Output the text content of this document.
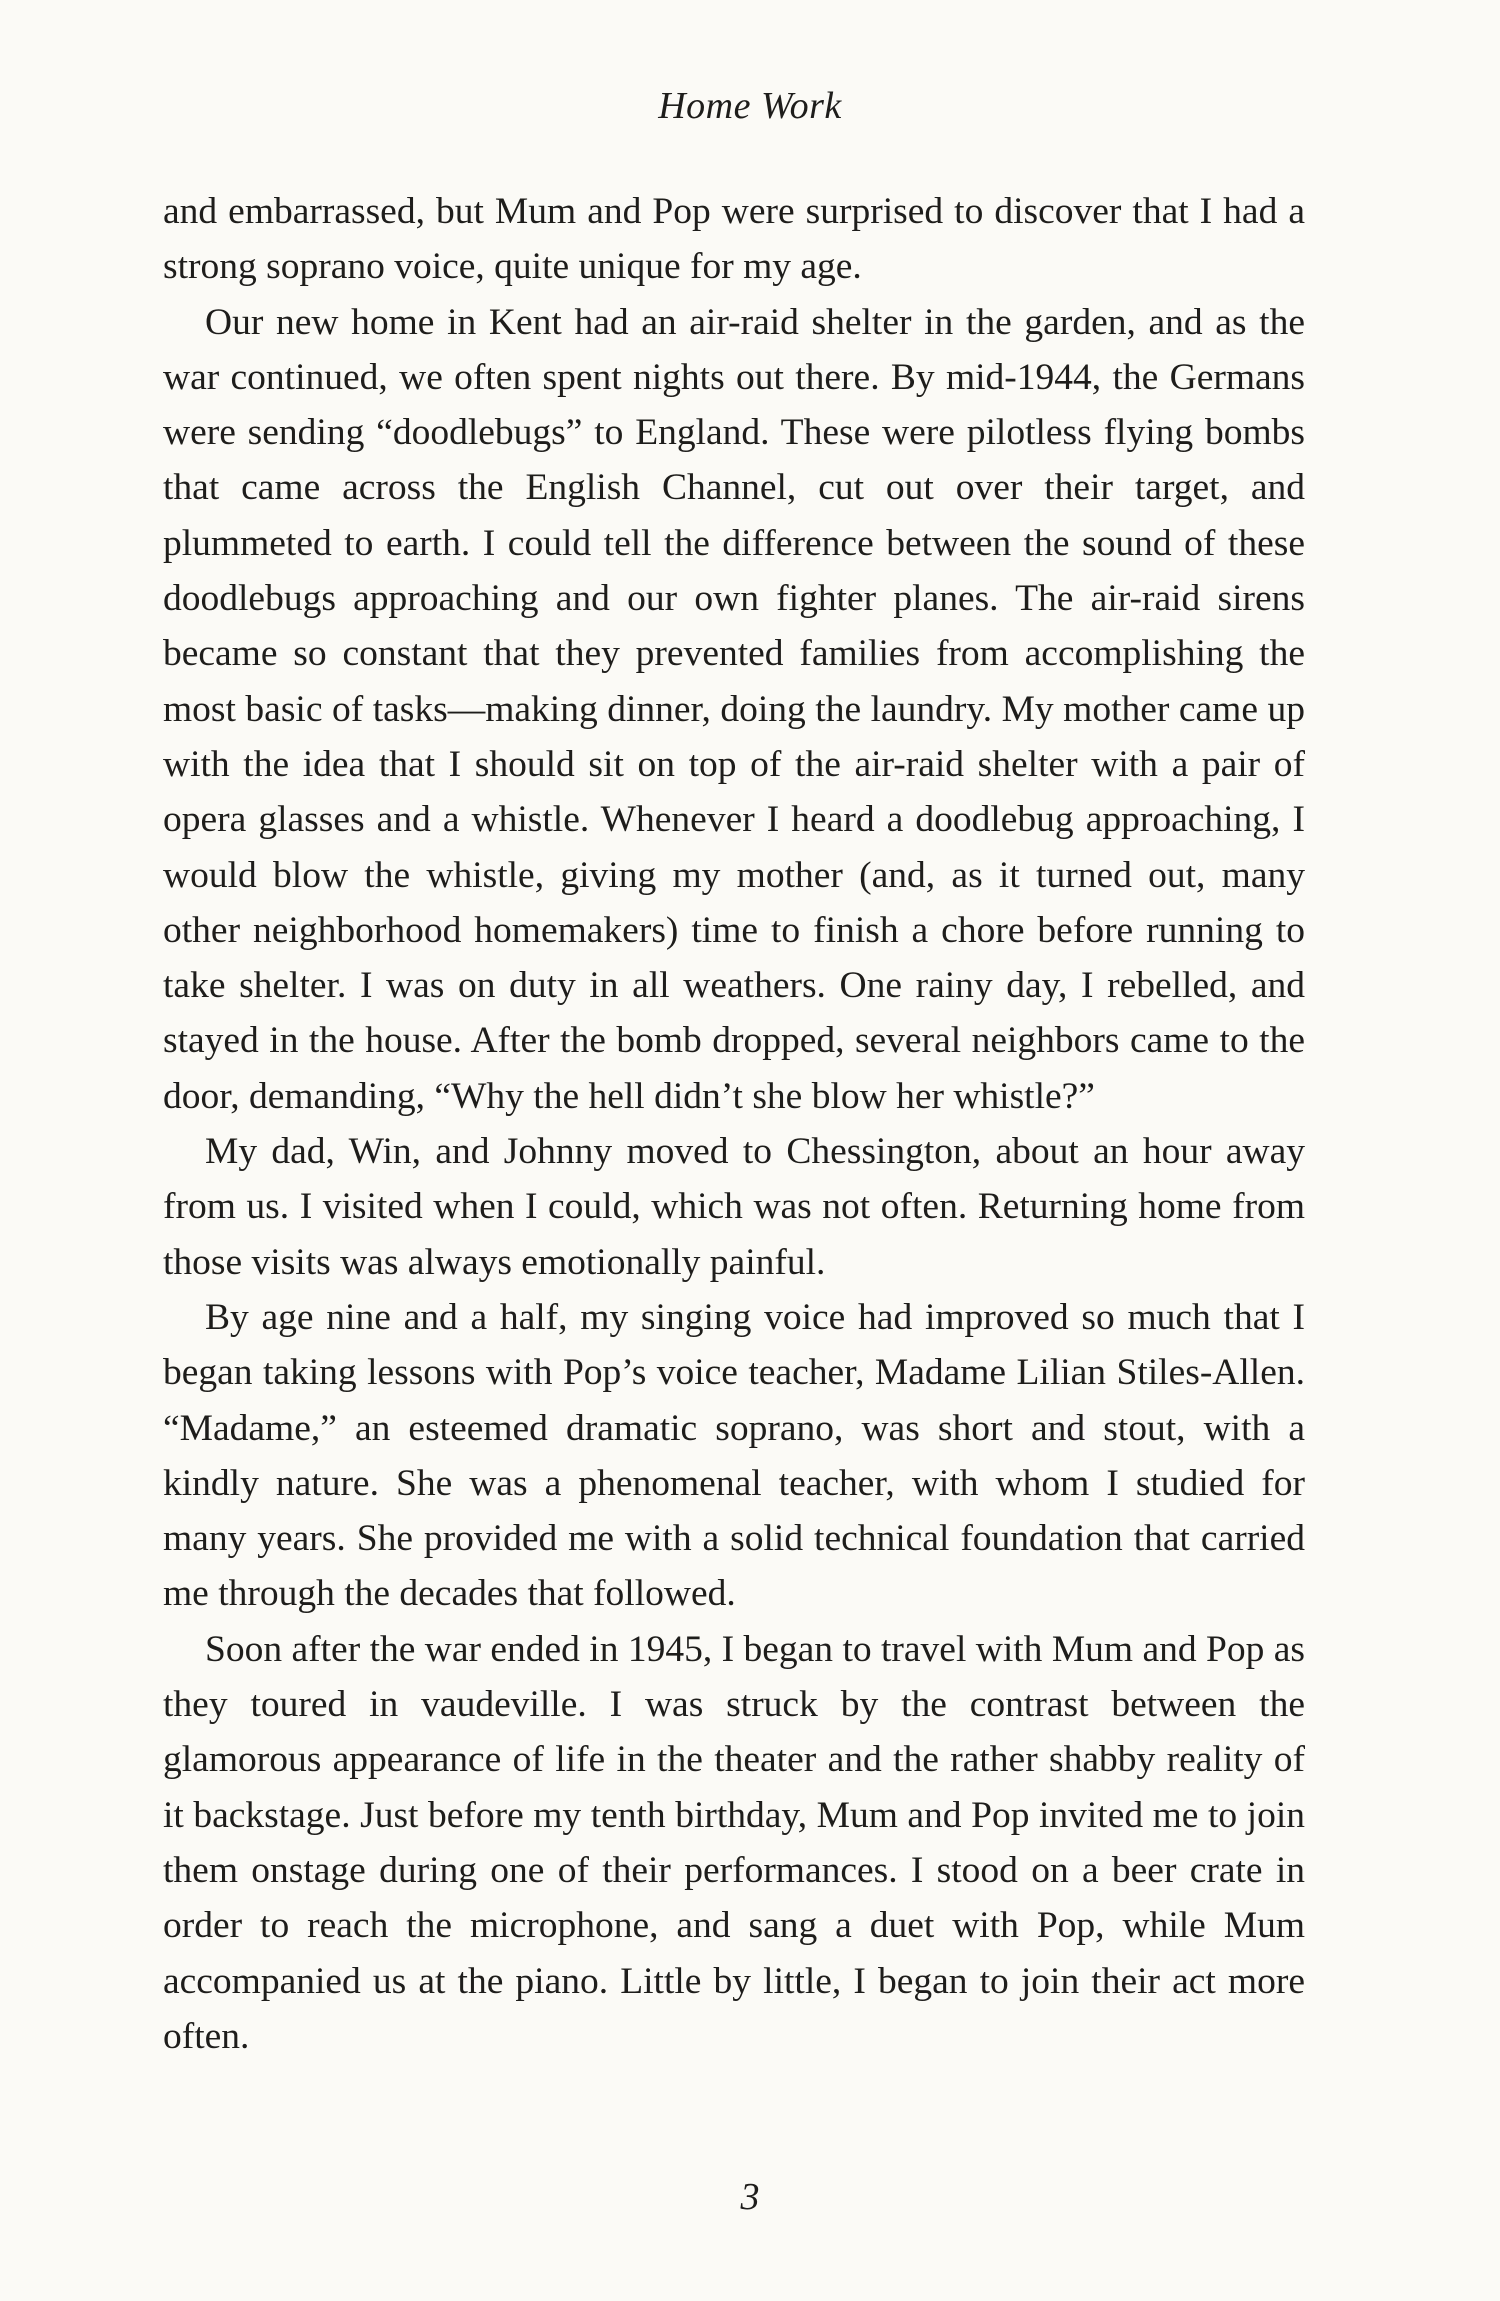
Home Work

and embarrassed, but Mum and Pop were surprised to discover that I had a strong soprano voice, quite unique for my age.

Our new home in Kent had an air-raid shelter in the garden, and as the war continued, we often spent nights out there. By mid-1944, the Germans were sending “doodlebugs” to England. These were pilotless flying bombs that came across the English Channel, cut out over their target, and plummeted to earth. I could tell the difference between the sound of these doodlebugs approaching and our own fighter planes. The air-raid sirens became so constant that they prevented families from accomplishing the most basic of tasks—making dinner, doing the laundry. My mother came up with the idea that I should sit on top of the air-raid shelter with a pair of opera glasses and a whistle. Whenever I heard a doodlebug approaching, I would blow the whistle, giving my mother (and, as it turned out, many other neighborhood homemakers) time to finish a chore before running to take shelter. I was on duty in all weathers. One rainy day, I rebelled, and stayed in the house. After the bomb dropped, several neighbors came to the door, demanding, “Why the hell didn’t she blow her whistle?”

My dad, Win, and Johnny moved to Chessington, about an hour away from us. I visited when I could, which was not often. Returning home from those visits was always emotionally painful.

By age nine and a half, my singing voice had improved so much that I began taking lessons with Pop’s voice teacher, Madame Lilian Stiles-Allen. “Madame,” an esteemed dramatic soprano, was short and stout, with a kindly nature. She was a phenomenal teacher, with whom I studied for many years. She provided me with a solid technical foundation that carried me through the decades that followed.

Soon after the war ended in 1945, I began to travel with Mum and Pop as they toured in vaudeville. I was struck by the contrast between the glamorous appearance of life in the theater and the rather shabby reality of it backstage. Just before my tenth birthday, Mum and Pop invited me to join them onstage during one of their performances. I stood on a beer crate in order to reach the microphone, and sang a duet with Pop, while Mum accompanied us at the piano. Little by little, I began to join their act more often.

3
